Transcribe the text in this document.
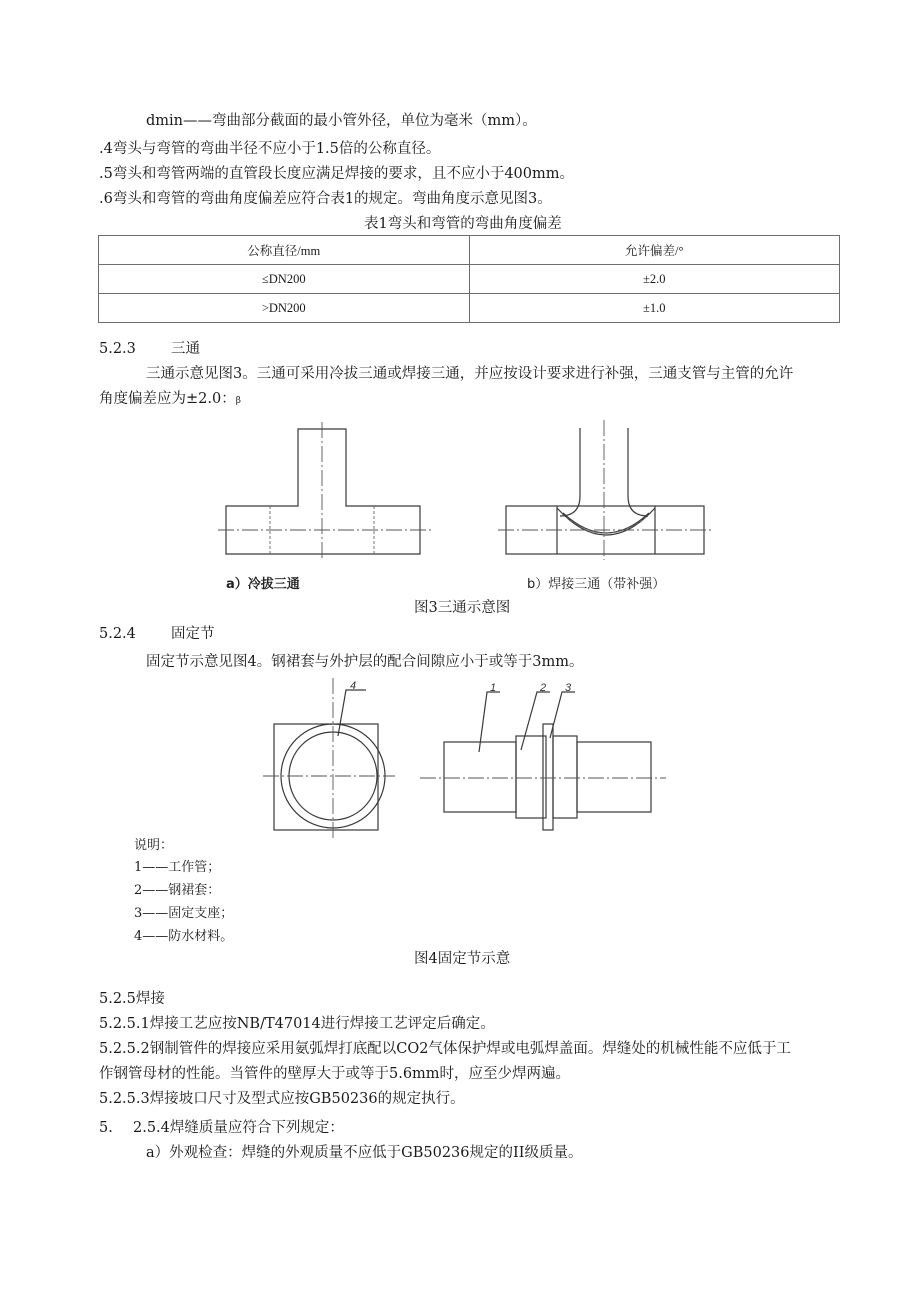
dmin——弯曲部分截面的最小管外径，单位为毫米（mm）。
.4弯头与弯管的弯曲半径不应小于1.5倍的公称直径。
.5弯头和弯管两端的直管段长度应满足焊接的要求，且不应小于400mm。
.6弯头和弯管的弯曲角度偏差应符合表1的规定。弯曲角度示意见图3。
表1弯头和弯管的弯曲角度偏差
公称直径/mm	允许偏差/°
≤DN200	±2.0
>DN200	±1.0
5.2.3 三通
三通示意见图3。三通可采用冷拔三通或焊接三通，并应按设计要求进行补强，三通支管与主管的允许
角度偏差应为±2.0：β
a）冷拔三通	b）焊接三通（带补强）
4	1	2 3
图3三通示意图
5.2.4 固定节
固定节示意见图4。钢裙套与外护层的配合间隙应小于或等于3mm。
说明：
1——工作管；
2——钢裙套：
3——固定支座；
4——防水材料。
图4固定节示意
5.2.5焊接
5.2.5.1焊接工艺应按NB/T47014进行焊接工艺评定后确定。
5.2.5.2钢制管件的焊接应采用氨弧焊打底配以CO2气体保护焊或电弧焊盖面。焊缝处的机械性能不应低于工
作钢管母材的性能。当管件的壁厚大于或等于5.6mm时，应至少焊两遍。
5.2.5.3焊接坡口尺寸及型式应按GB50236的规定执行。
5. 2.5.4焊缝质量应符合下列规定：
a）外观检查：焊缝的外观质量不应低于GB50236规定的II级质量。
